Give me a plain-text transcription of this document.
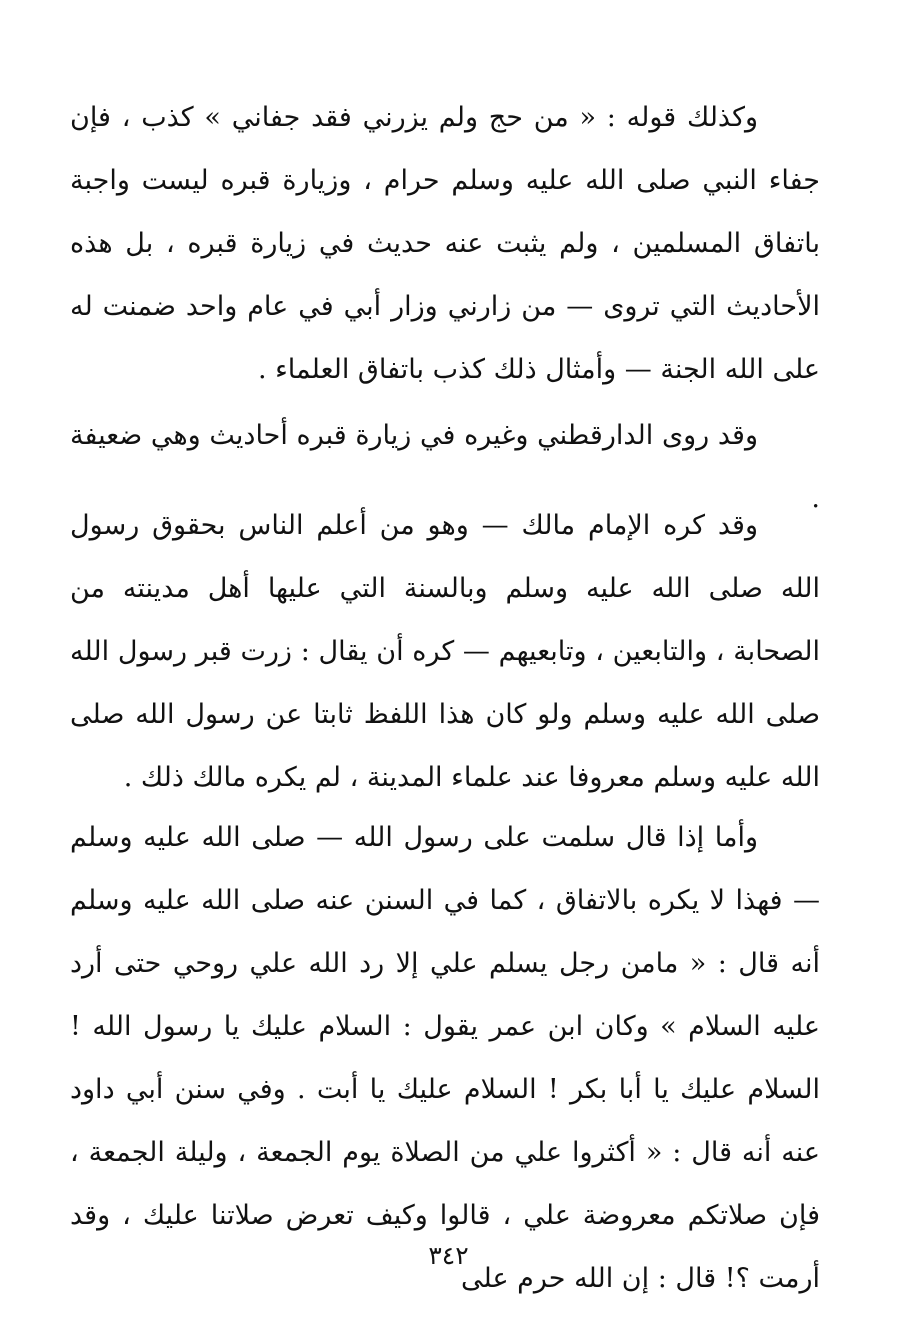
وكذلك قوله : « من حج ولم يزرني فقد جفاني » كذب ، فإن جفاء النبي صلى الله عليه وسلم حرام ، وزيارة قبره ليست واجبة باتفاق المسلمين ، ولم يثبت عنه حديث في زيارة قبره ، بل هذه الأحاديث التي تروى — من زارني وزار أبي في عام واحد ضمنت له على الله الجنة — وأمثال ذلك كذب باتفاق العلماء .

وقد روى الدارقطني وغيره في زيارة قبره أحاديث وهي ضعيفة .

وقد كره الإمام مالك — وهو من أعلم الناس بحقوق رسول الله صلى الله عليه وسلم وبالسنة التي عليها أهل مدينته من الصحابة ، والتابعين ، وتابعيهم — كره أن يقال : زرت قبر رسول الله صلى الله عليه وسلم ولو كان هذا اللفظ ثابتا عن رسول الله صلى الله عليه وسلم معروفا عند علماء المدينة ، لم يكره مالك ذلك .

وأما إذا قال سلمت على رسول الله — صلى الله عليه وسلم — فهذا لا يكره بالاتفاق ، كما في السنن عنه صلى الله عليه وسلم أنه قال : « مامن رجل يسلم علي إلا رد الله علي روحي حتى أرد عليه السلام » وكان ابن عمر يقول : السلام عليك يا رسول الله ! السلام عليك يا أبا بكر ! السلام عليك يا أبت . وفي سنن أبي داود عنه أنه قال : « أكثروا علي من الصلاة يوم الجمعة ، وليلة الجمعة ، فإن صلاتكم معروضة علي ، قالوا وكيف تعرض صلاتنا عليك ، وقد أرمت ؟! قال : إن الله حرم على

٣٤٢
